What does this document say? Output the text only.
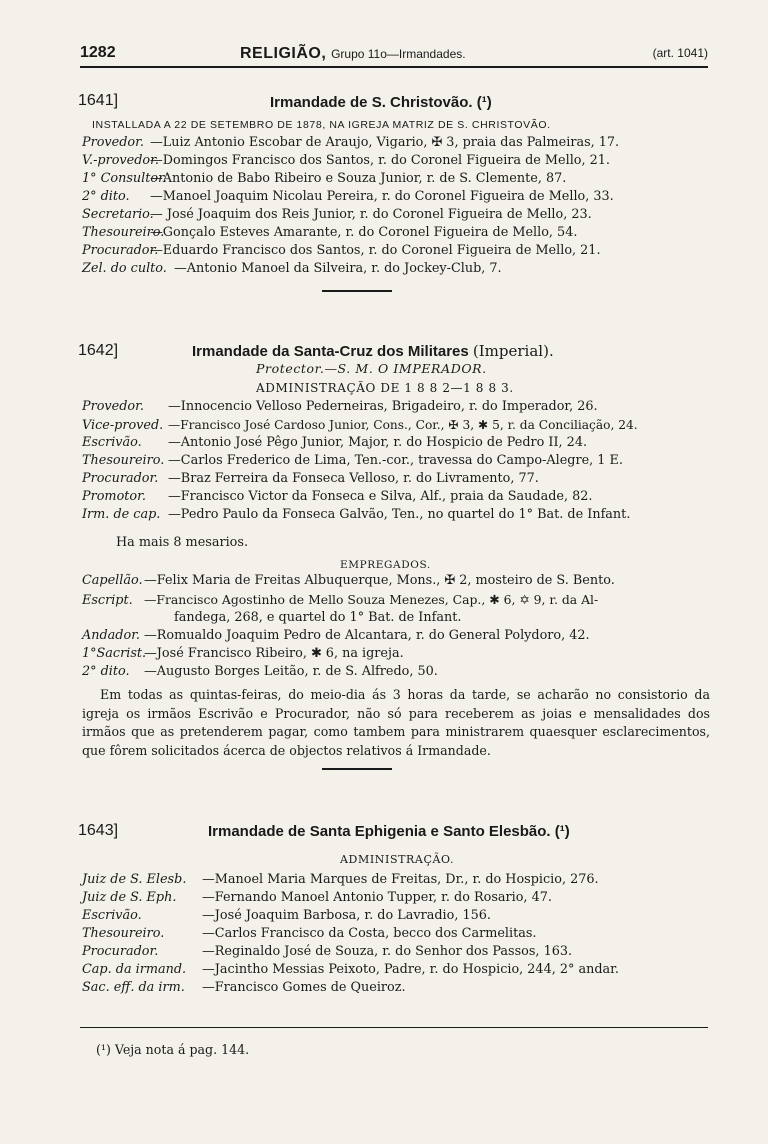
1282	RELIGIÃO, Grupo 11o—Irmandades.	(art. 1041)
1641]	Irmandade de S. Christovão. (¹)
INSTALLADA A 22 DE SETEMBRO DE 1878, NA IGREJA MATRIZ DE S. CHRISTOVÃO.
Provedor. —Luiz Antonio Escobar de Araujo, Vigario, ✠ 3, praia das Palmeiras, 17.
V.-provedor.—Domingos Francisco dos Santos, r. do Coronel Figueira de Mello, 21.
1° Consultor.—Antonio de Babo Ribeiro e Souza Junior, r. de S. Clemente, 87.
2° dito. —Manoel Joaquim Nicolau Pereira, r. do Coronel Figueira de Mello, 33.
Secretario.— José Joaquim dos Reis Junior, r. do Coronel Figueira de Mello, 23.
Thesoureiro.—Gonçalo Esteves Amarante, r. do Coronel Figueira de Mello, 54.
Procurador.—Eduardo Francisco dos Santos, r. do Coronel Figueira de Mello, 21.
Zel. do culto. —Antonio Manoel da Silveira, r. do Jockey-Club, 7.
1642]	Irmandade da Santa-Cruz dos Militares (Imperial).
Protector.—S. M. O IMPERADOR.
ADMINISTRAÇÃO DE 1 8 8 2—1 8 8 3.
Provedor. —Innocencio Velloso Pederneiras, Brigadeiro, r. do Imperador, 26.
Vice-proved. —Francisco José Cardoso Junior, Cons., Cor., ✠ 3, ✱ 5, r. da Conciliação, 24.
Escrivão. —Antonio José Pêgo Junior, Major, r. do Hospicio de Pedro II, 24.
Thesoureiro. —Carlos Frederico de Lima, Ten.-cor., travessa do Campo-Alegre, 1 E.
Procurador. —Braz Ferreira da Fonseca Velloso, r. do Livramento, 77.
Promotor. —Francisco Victor da Fonseca e Silva, Alf., praia da Saudade, 82.
Irm. de cap. —Pedro Paulo da Fonseca Galvão, Ten., no quartel do 1° Bat. de Infant.
Ha mais 8 mesarios.
EMPREGADOS.
Capellão.—Felix Maria de Freitas Albuquerque, Mons., ✠ 2, mosteiro de S. Bento.
Escript. —Francisco Agostinho de Mello Souza Menezes, Cap., ✱ 6, ✡ 9, r. da Al-
fandega, 268, e quartel do 1° Bat. de Infant.
Andador. —Romualdo Joaquim Pedro de Alcantara, r. do General Polydoro, 42.
1°Sacrist.—José Francisco Ribeiro, ✱ 6, na igreja.
2° dito. —Augusto Borges Leitão, r. de S. Alfredo, 50.
Em todas as quintas-feiras, do meio-dia ás 3 horas da tarde, se acharão no consistorio da igreja os irmãos Escrivão e Procurador, não só para receberem as joias e mensalidades dos irmãos que as pretenderem pagar, como tambem para ministrarem quaesquer esclarecimentos, que fôrem solicitados ácerca de objectos relativos á Irmandade.
1643]	Irmandade de Santa Ephigenia e Santo Elesbão. (¹)
ADMINISTRAÇÃO.
Juiz de S. Elesb. —Manoel Maria Marques de Freitas, Dr., r. do Hospicio, 276.
Juiz de S. Eph. —Fernando Manoel Antonio Tupper, r. do Rosario, 47.
Escrivão.	—José Joaquim Barbosa, r. do Lavradio, 156.
Thesoureiro.	—Carlos Francisco da Costa, becco dos Carmelitas.
Procurador.	—Reginaldo José de Souza, r. do Senhor dos Passos, 163.
Cap. da irmand. —Jacintho Messias Peixoto, Padre, r. do Hospicio, 244, 2° andar.
Sac. eff. da irm. —Francisco Gomes de Queiroz.
(¹) Veja nota á pag. 144.
